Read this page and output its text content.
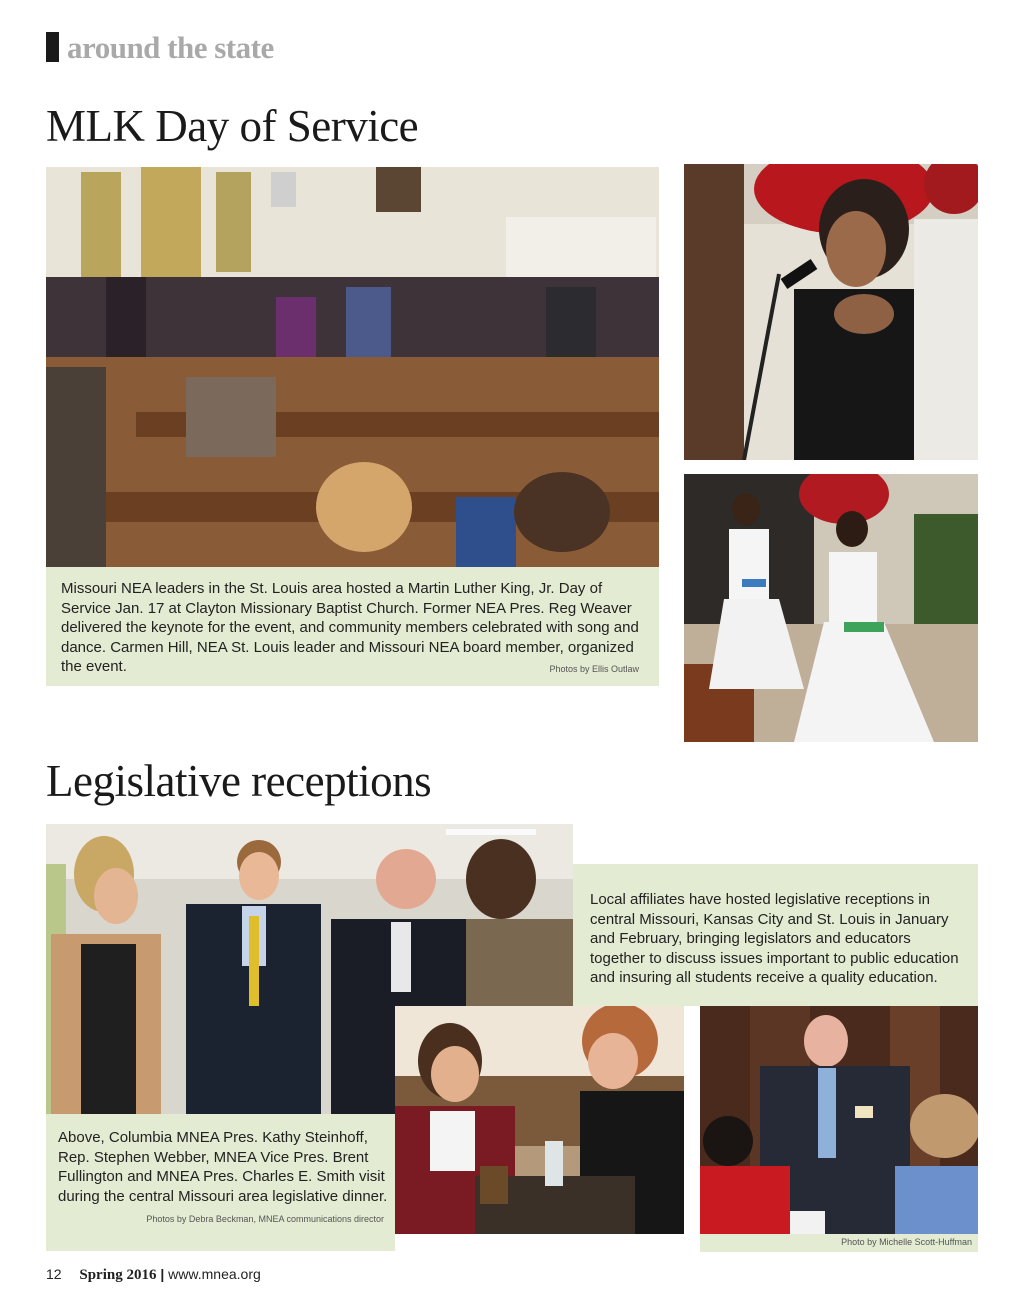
around the state
MLK Day of Service
Missouri NEA leaders in the St. Louis area hosted a Martin Luther King, Jr. Day of Service Jan. 17 at Clayton Missionary Baptist Church. Former NEA Pres. Reg Weaver delivered the keynote for the event, and community members celebrated with song and dance. Carmen Hill, NEA St. Louis leader and Missouri NEA board member, organized the event.	Photos by Ellis Outlaw
Legislative receptions
Local affiliates have hosted legislative receptions in central Missouri, Kansas City and St. Louis in January and February, bringing legislators and educators together to discuss issues important to public education and insuring all students receive a quality education.
Above, Columbia MNEA Pres. Kathy Steinhoff, Rep. Stephen Webber, MNEA Vice Pres. Brent Fullington and MNEA Pres. Charles E. Smith visit during the central Missouri area legislative dinner.
Photos by Debra Beckman, MNEA communications director
Photo by Michelle Scott-Huffman
12 Spring 2016 | www.mnea.org
